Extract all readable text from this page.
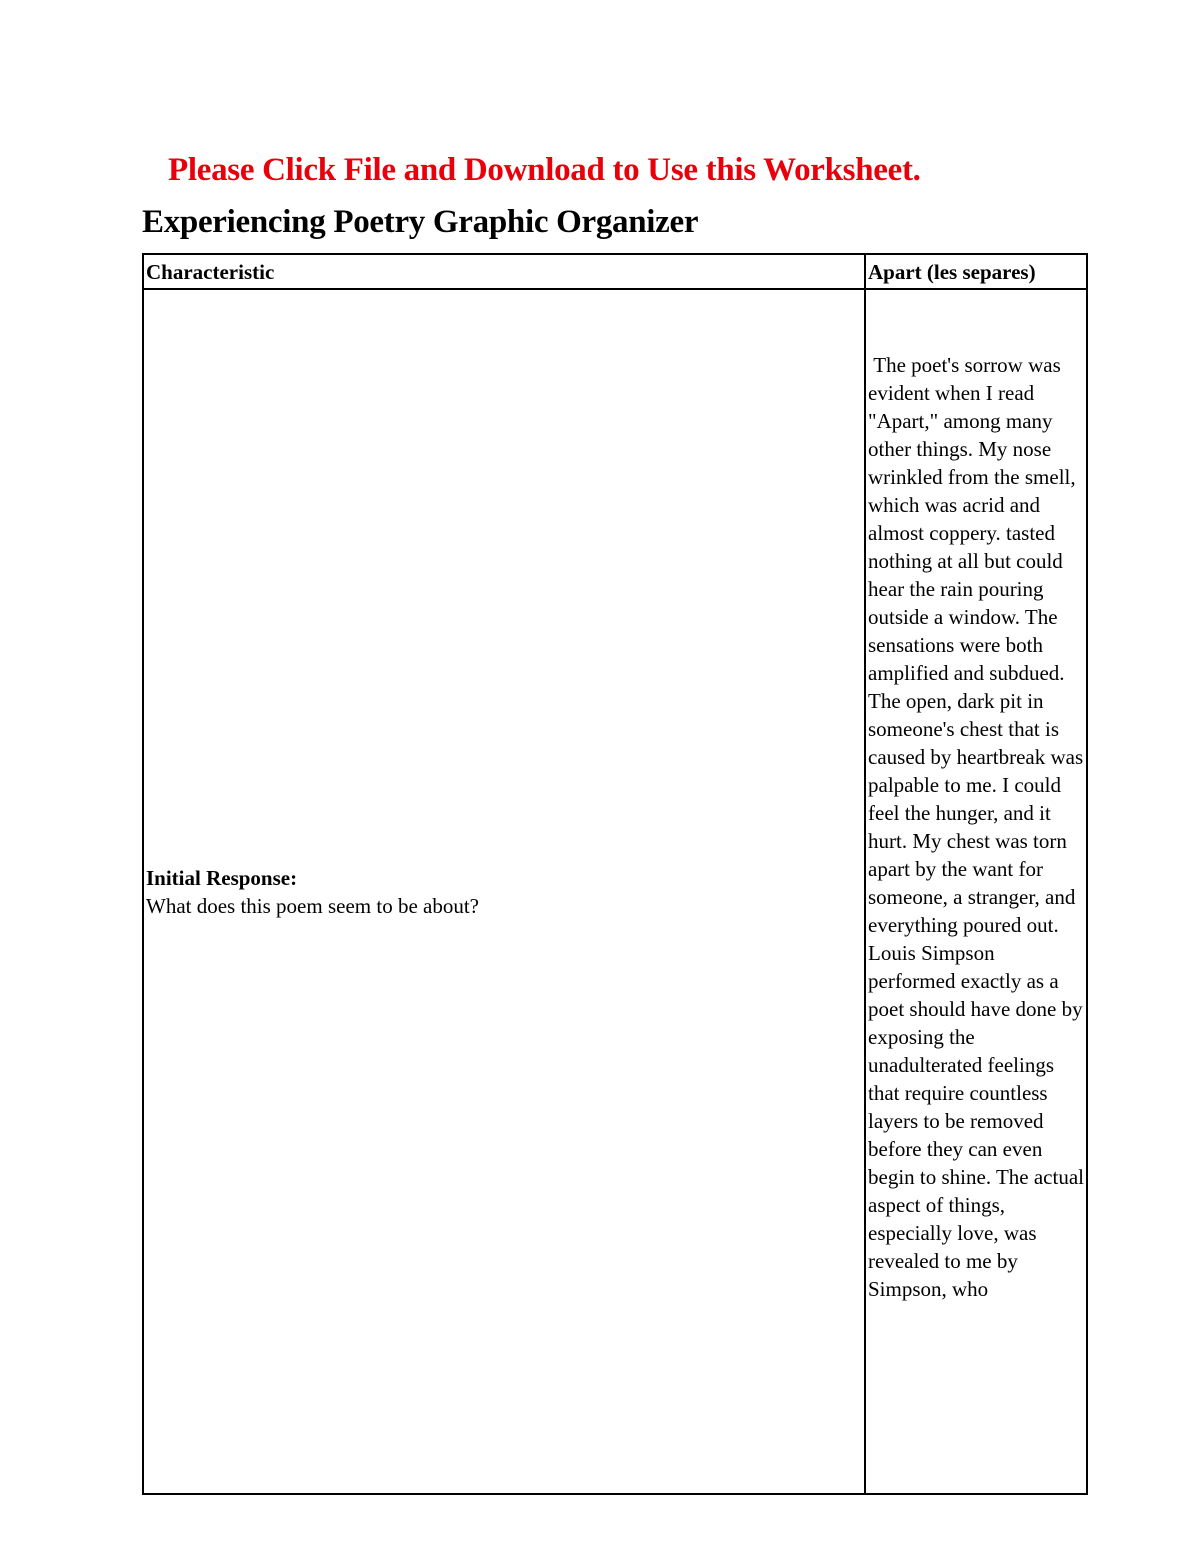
Please Click File and Download to Use this Worksheet.
Experiencing Poetry Graphic Organizer
Characteristic	Apart (les separes)

Initial Response:
What does this poem seem to be about?	The poet's sorrow was evident when I read "Apart," among many other things. My nose wrinkled from the smell, which was acrid and almost coppery. tasted nothing at all but could hear the rain pouring outside a window. The sensations were both amplified and subdued. The open, dark pit in someone's chest that is caused by heartbreak was palpable to me. I could feel the hunger, and it hurt. My chest was torn apart by the want for someone, a stranger, and everything poured out.
Louis Simpson performed exactly as a poet should have done by exposing the unadulterated feelings that require countless layers to be removed before they can even begin to shine. The actual aspect of things, especially love, was revealed to me by Simpson, who
